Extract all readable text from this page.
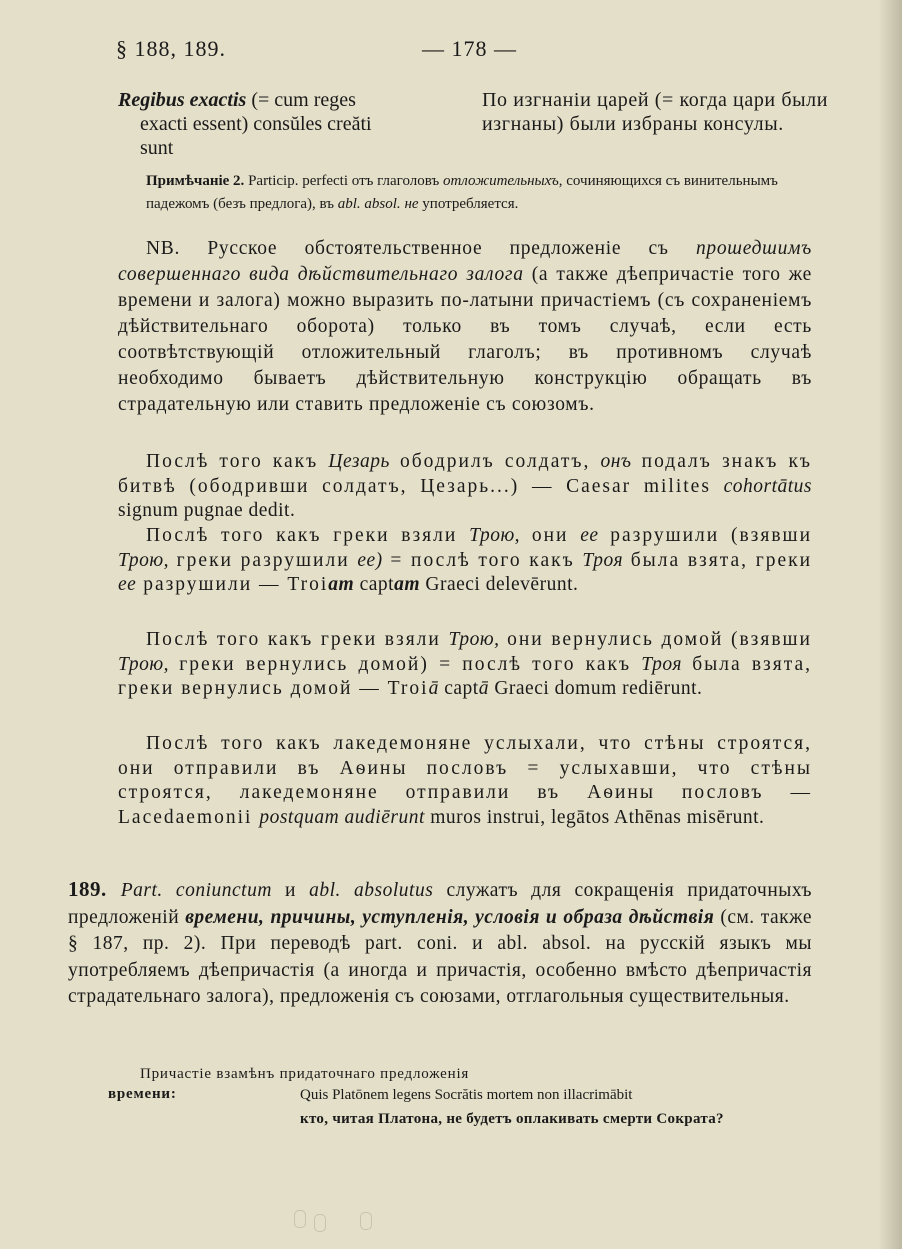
§ 188, 189.	— 178 —
Regibus exactis (= cum reges
exacti essent) consŭles creăti
sunt
По изгнаніи царей (= когда цари были изгнаны) были избраны консулы.
Примѣчаніе 2. Particip. perfecti отъ глаголовъ отложительныхъ, сочиняющихся съ винительнымъ падежомъ (безъ предлога), въ abl. absol. не употребляется.
NB. Русское обстоятельственное предложеніе съ прошедшимъ совершеннаго вида дѣйствительнаго залога (а также дѣепричастіе того же времени и залога) можно выразить по-латыни причастіемъ (съ сохраненіемъ дѣйствительнаго оборота) только въ томъ случаѣ, если есть соотвѣтствующій отложительный глаголъ; въ противномъ случаѣ необходимо бываетъ дѣйствительную конструкцію обращать въ страдательную или ставить предложеніе съ союзомъ.
Послѣ того какъ Цезарь ободрилъ солдатъ, онъ подалъ знакъ къ битвѣ (ободривши солдатъ, Цезарь...) — Caesar milites cohortātus signum pugnae dedit.
Послѣ того какъ греки взяли Трою, они ее разрушили (взявши Трою, греки разрушили ее) = послѣ того какъ Троя была взята, греки ее разрушили — Troiam captam Graeci delevērunt.
Послѣ того какъ греки взяли Трою, они вернулись домой (взявши Трою, греки вернулись домой) = послѣ того какъ Троя была взята, греки вернулись домой — Troiā captā Graeci domum rediērunt.
Послѣ того какъ лакедемоняне услыхали, что стѣны строятся, они отправили въ Аѳины пословъ = услыхавши, что стѣны строятся, лакедемоняне отправили въ Аѳины пословъ — Lacedaemonii postquam audiērunt muros instrui, legātos Athēnas misērunt.
189. Part. coniunctum и abl. absolutus служатъ для сокращенія придаточныхъ предложеній времени, причины, уступленія, условія и образа дѣйствія (см. также § 187, пр. 2). При переводѣ part. coni. и abl. absol. на русскій языкъ мы употребляемъ дѣепричастія (а иногда и причастія, особенно вмѣсто дѣепричастія страдательнаго залога), предложенія съ союзами, отглагольныя существительныя.
Причастіе взамѣнъ придаточнаго предложенія
времени:	Quis Platōnem legens Socrătis mortem non illacrimābit
кто, читая Платона, не будетъ оплакивать смерти Сократа?
